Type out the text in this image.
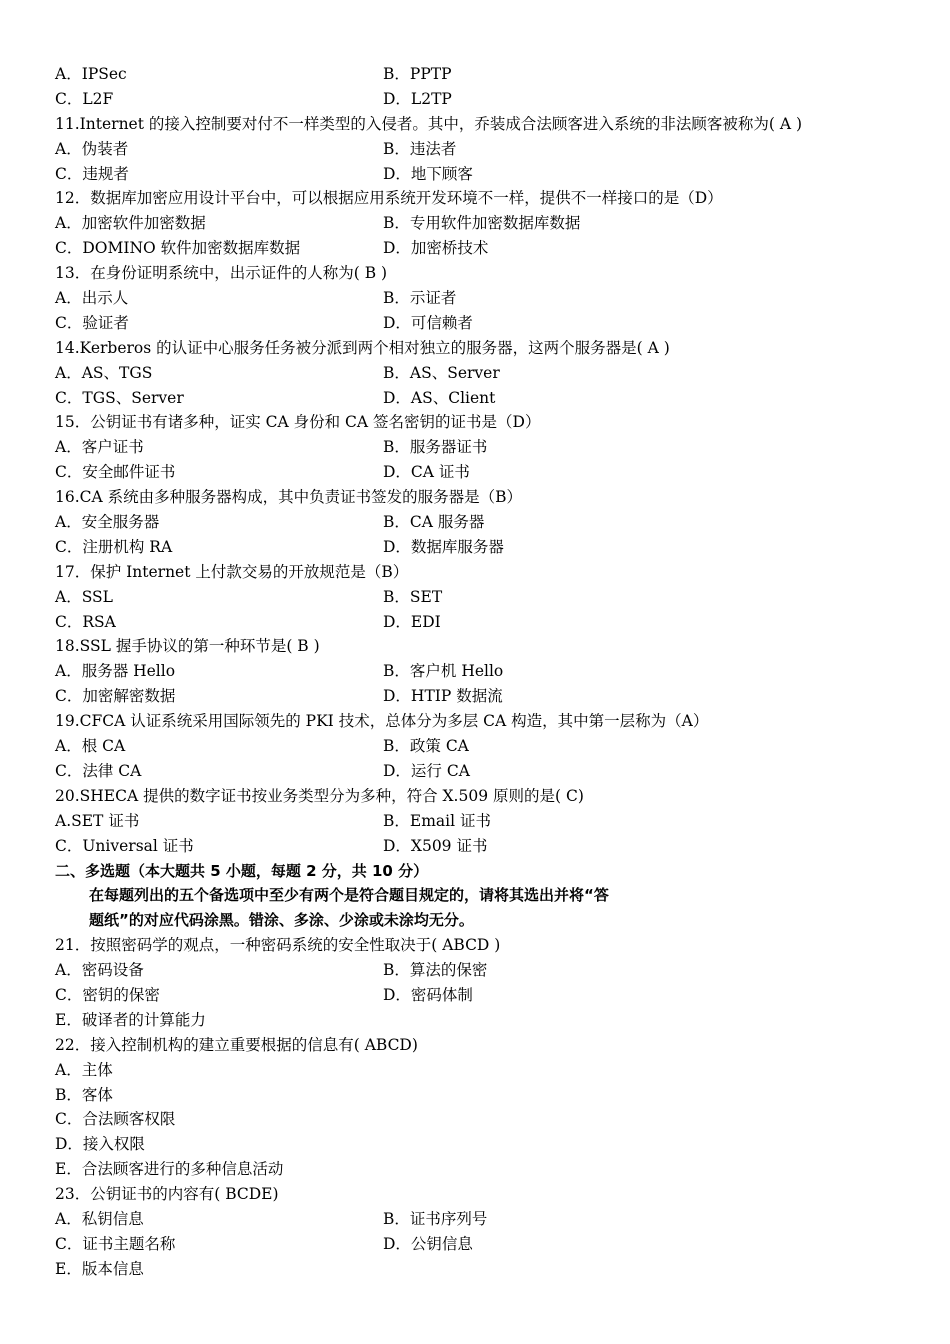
A．IPSec	B．PPTP
C．L2F	D．L2TP
11.Internet 的接入控制要对付不一样类型的入侵者。其中，乔装成合法顾客进入系统的非法顾客被称为( A )
A．伪装者	B．违法者
C．违规者	D．地下顾客
12．数据库加密应用设计平台中，可以根据应用系统开发环境不一样，提供不一样接口的是（D）
A．加密软件加密数据	B．专用软件加密数据库数据
C．DOMINO 软件加密数据库数据	D．加密桥技术
13．在身份证明系统中，出示证件的人称为( B )
A．出示人	B．示证者
C．验证者	D．可信赖者
14.Kerberos 的认证中心服务任务被分派到两个相对独立的服务器，这两个服务器是( A )
A．AS、TGS	B．AS、Server
C．TGS、Server	D．AS、Client
15．公钥证书有诸多种，证实 CA 身份和 CA 签名密钥的证书是（D）
A．客户证书	B．服务器证书
C．安全邮件证书	D．CA 证书
16.CA 系统由多种服务器构成，其中负责证书签发的服务器是（B）
A．安全服务器	B．CA 服务器
C．注册机构 RA	D．数据库服务器
17．保护 Internet 上付款交易的开放规范是（B）
A．SSL	B．SET
C．RSA	D．EDI
18.SSL 握手协议的第一种环节是( B )
A．服务器 Hello	B．客户机 Hello
C．加密解密数据	D．HTIP 数据流
19.CFCA 认证系统采用国际领先的 PKI 技术，总体分为多层 CA 构造，其中第一层称为（A）
A．根 CA	B．政策 CA
C．法律 CA	D．运行 CA
20.SHECA 提供的数字证书按业务类型分为多种，符合 X.509 原则的是( C)
A.SET 证书	B．Email 证书
C．Universal 证书	D．X509 证书
二、多选题（本大题共 5 小题，每题 2 分，共 10 分）
在每题列出的五个备选项中至少有两个是符合题目规定的，请将其选出并将“答
题纸”的对应代码涂黑。错涂、多涂、少涂或未涂均无分。
21．按照密码学的观点，一种密码系统的安全性取决于( ABCD )
A．密码设备	B．算法的保密
C．密钥的保密	D．密码体制
E．破译者的计算能力
22．接入控制机构的建立重要根据的信息有( ABCD)
A．主体
B．客体
C．合法顾客权限
D．接入权限
E．合法顾客进行的多种信息活动
23．公钥证书的内容有( BCDE)
A．私钥信息	B．证书序列号
C．证书主题名称	D．公钥信息
E．版本信息
